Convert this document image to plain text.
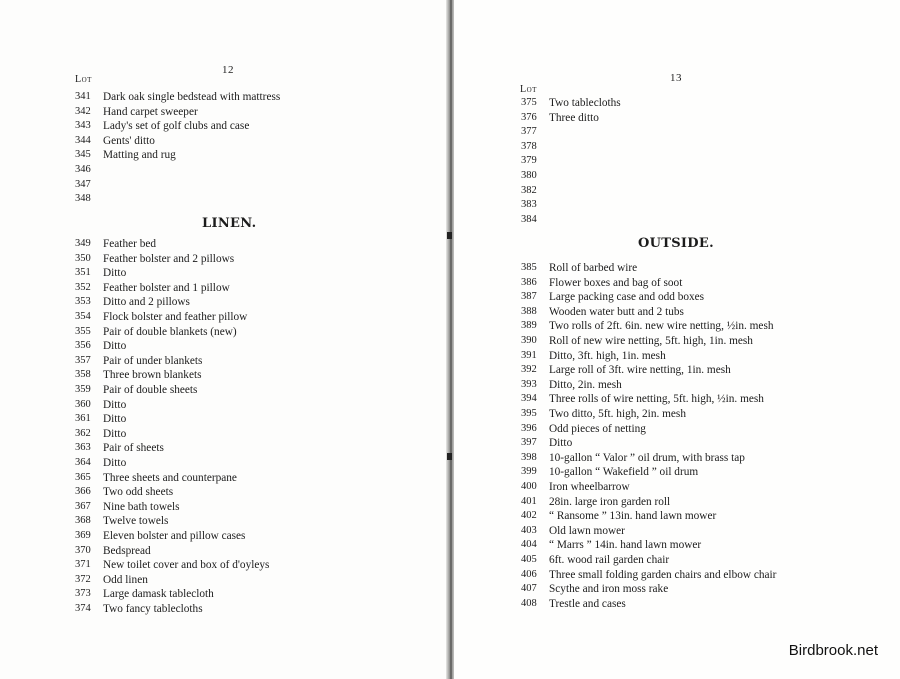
12
Lot
341	Dark oak single bedstead with mattress
342	Hand carpet sweeper
343	Lady's set of golf clubs and case
344	Gents' ditto
345	Matting and rug
346
347
348
LINEN.
349	Feather bed
350	Feather bolster and 2 pillows
351	Ditto
352	Feather bolster and 1 pillow
353	Ditto and 2 pillows
354	Flock bolster and feather pillow
355	Pair of double blankets (new)
356	Ditto
357	Pair of under blankets
358	Three brown blankets
359	Pair of double sheets
360	Ditto
361	Ditto
362	Ditto
363	Pair of sheets
364	Ditto
365	Three sheets and counterpane
366	Two odd sheets
367	Nine bath towels
368	Twelve towels
369	Eleven bolster and pillow cases
370	Bedspread
371	New toilet cover and box of d'oyleys
372	Odd linen
373	Large damask tablecloth
374	Two fancy tablecloths
13
Lot
375	Two tablecloths
376	Three ditto
377
378
379
380
382
383
384
OUTSIDE.
385	Roll of barbed wire
386	Flower boxes and bag of soot
387	Large packing case and odd boxes
388	Wooden water butt and 2 tubs
389	Two rolls of 2ft. 6in. new wire netting, ½in. mesh
390	Roll of new wire netting, 5ft. high, 1in. mesh
391	Ditto, 3ft. high, 1in. mesh
392	Large roll of 3ft. wire netting, 1in. mesh
393	Ditto, 2in. mesh
394	Three rolls of wire netting, 5ft. high, ½in. mesh
395	Two ditto, 5ft. high, 2in. mesh
396	Odd pieces of netting
397	Ditto
398	10-gallon “ Valor ” oil drum, with brass tap
399	10-gallon “ Wakefield ” oil drum
400	Iron wheelbarrow
401	28in. large iron garden roll
402	“ Ransome ” 13in. hand lawn mower
403	Old lawn mower
404	“ Marrs ” 14in. hand lawn mower
405	6ft. wood rail garden chair
406	Three small folding garden chairs and elbow chair
407	Scythe and iron moss rake
408	Trestle and cases
Birdbrook.net
